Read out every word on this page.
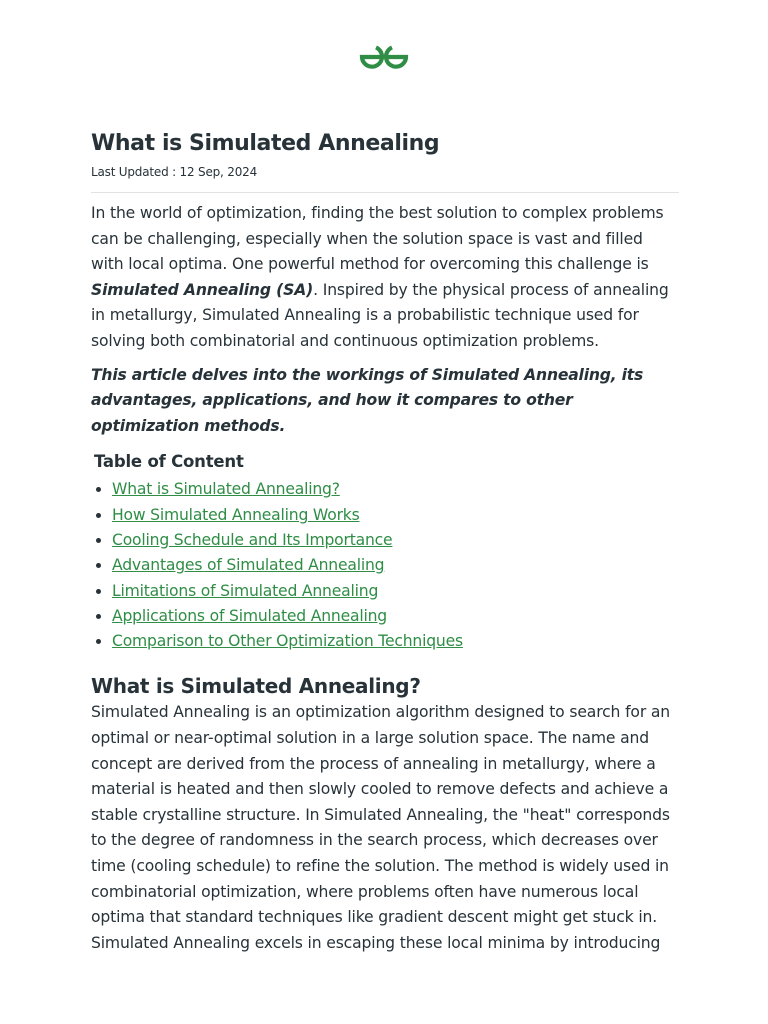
What is Simulated Annealing
Last Updated : 12 Sep, 2024

In the world of optimization, finding the best solution to complex problems can be challenging, especially when the solution space is vast and filled with local optima. One powerful method for overcoming this challenge is Simulated Annealing (SA). Inspired by the physical process of annealing in metallurgy, Simulated Annealing is a probabilistic technique used for solving both combinatorial and continuous optimization problems.

This article delves into the workings of Simulated Annealing, its advantages, applications, and how it compares to other optimization methods.

Table of Content
• What is Simulated Annealing?
• How Simulated Annealing Works
• Cooling Schedule and Its Importance
• Advantages of Simulated Annealing
• Limitations of Simulated Annealing
• Applications of Simulated Annealing
• Comparison to Other Optimization Techniques
What is Simulated Annealing?

Simulated Annealing is an optimization algorithm designed to search for an optimal or near-optimal solution in a large solution space. The name and concept are derived from the process of annealing in metallurgy, where a material is heated and then slowly cooled to remove defects and achieve a stable crystalline structure. In Simulated Annealing, the "heat" corresponds to the degree of randomness in the search process, which decreases over time (cooling schedule) to refine the solution. The method is widely used in combinatorial optimization, where problems often have numerous local optima that standard techniques like gradient descent might get stuck in. Simulated Annealing excels in escaping these local minima by introducing
